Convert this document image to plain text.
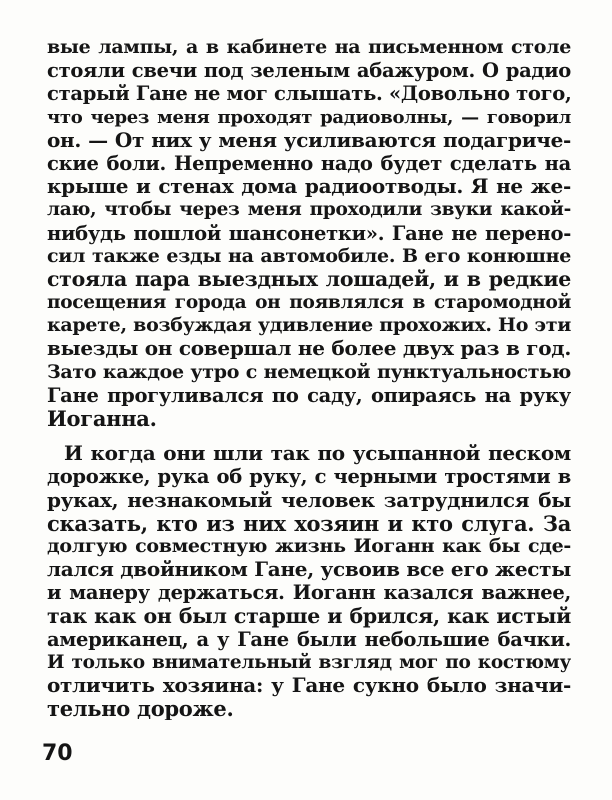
вые лампы, а в кабинете на письменном столе
стояли свечи под зеленым абажуром. О радио
старый Гане не мог слышать. «Довольно того,
что через меня проходят радиоволны, — говорил
он. — От них у меня усиливаются подагриче-
ские боли. Непременно надо будет сделать на
крыше и стенах дома радиоотводы. Я не же-
лаю, чтобы через меня проходили звуки какой-
нибудь пошлой шансонетки». Гане не перено-
сил также езды на автомобиле. В его конюшне
стояла пара выездных лошадей, и в редкие
посещения города он появлялся в старомодной
карете, возбуждая удивление прохожих. Но эти
выезды он совершал не более двух раз в год.
Зато каждое утро с немецкой пунктуальностью
Гане прогуливался по саду, опираясь на руку
Иоганна.
И когда они шли так по усыпанной песком
дорожке, рука об руку, с черными тростями в
руках, незнакомый человек затруднился бы
сказать, кто из них хозяин и кто слуга. За
долгую совместную жизнь Иоганн как бы сде-
лался двойником Гане, усвоив все его жесты
и манеру держаться. Иоганн казался важнее,
так как он был старше и брился, как истый
американец, а у Гане были небольшие бачки.
И только внимательный взгляд мог по костюму
отличить хозяина: у Гане сукно было значи-
тельно дороже.
70
